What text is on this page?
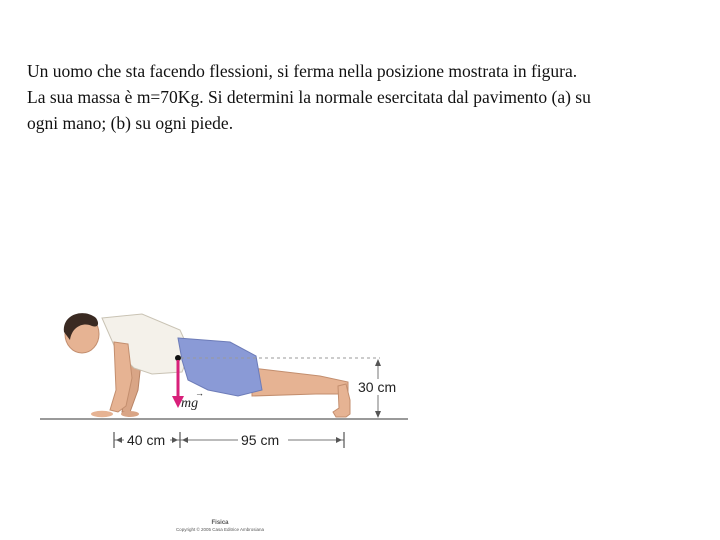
Un uomo che sta facendo flessioni, si ferma nella posizione mostrata in figura.
La sua massa è m=70Kg. Si determini la normale esercitata dal pavimento (a) su
ogni mano; (b) su ogni piede.
mg
→	30 cm
40 cm	95 cm
Fisica
Copyright © 2005 Casa Editrice Ambrosiana
